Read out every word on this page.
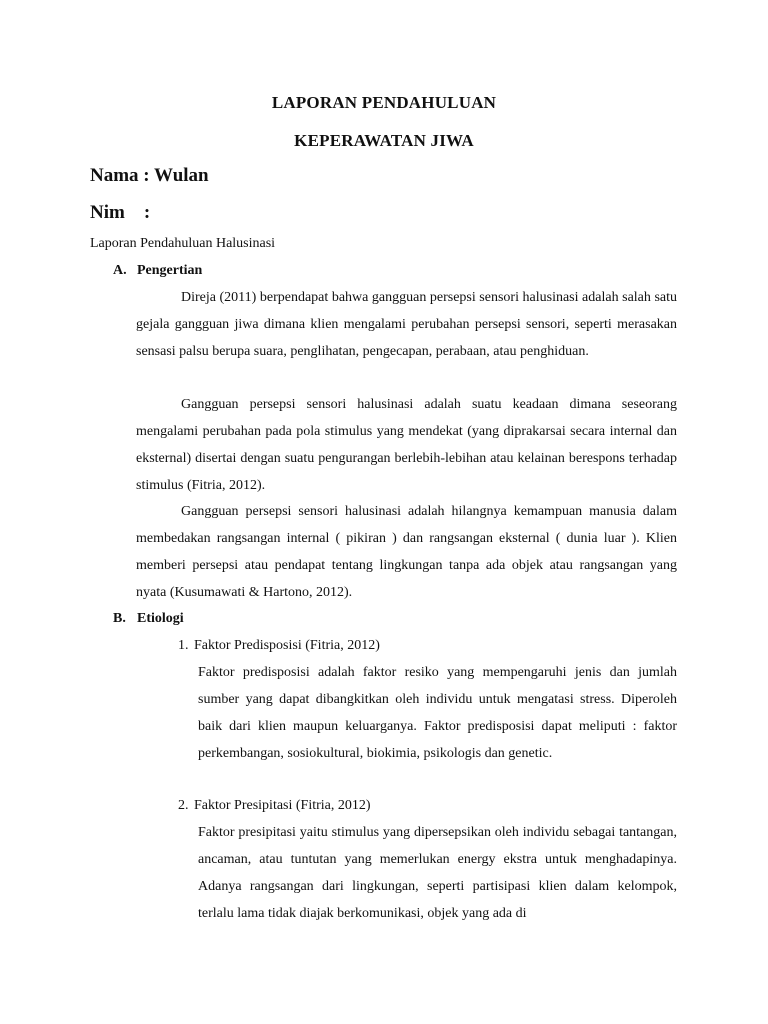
LAPORAN PENDAHULUAN
KEPERAWATAN JIWA
Nama : Wulan
Nim    :
Laporan Pendahuluan Halusinasi
A. Pengertian
Direja (2011) berpendapat bahwa gangguan persepsi sensori halusinasi adalah salah satu gejala gangguan jiwa dimana klien mengalami perubahan persepsi sensori, seperti merasakan sensasi palsu berupa suara, penglihatan, pengecapan, perabaan, atau penghiduan.
Gangguan persepsi sensori halusinasi adalah suatu keadaan dimana seseorang mengalami perubahan pada pola stimulus yang mendekat (yang diprakarsai secara internal dan eksternal) disertai dengan suatu pengurangan berlebih-lebihan atau kelainan berespons terhadap stimulus (Fitria, 2012).
Gangguan persepsi sensori halusinasi adalah hilangnya kemampuan manusia dalam membedakan rangsangan internal ( pikiran ) dan rangsangan eksternal ( dunia luar ). Klien memberi persepsi atau pendapat tentang lingkungan tanpa ada objek atau rangsangan yang nyata (Kusumawati & Hartono, 2012).
B. Etiologi
1. Faktor Predisposisi (Fitria, 2012)
Faktor predisposisi adalah faktor resiko yang mempengaruhi jenis dan jumlah sumber yang dapat dibangkitkan oleh individu untuk mengatasi stress. Diperoleh baik dari klien maupun keluarganya. Faktor predisposisi dapat meliputi : faktor perkembangan, sosiokultural, biokimia, psikologis dan genetic.
2. Faktor Presipitasi (Fitria, 2012)
Faktor presipitasi yaitu stimulus yang dipersepsikan oleh individu sebagai tantangan, ancaman, atau tuntutan yang memerlukan energy ekstra untuk menghadapinya. Adanya rangsangan dari lingkungan, seperti partisipasi klien dalam kelompok, terlalu lama tidak diajak berkomunikasi, objek yang ada di
